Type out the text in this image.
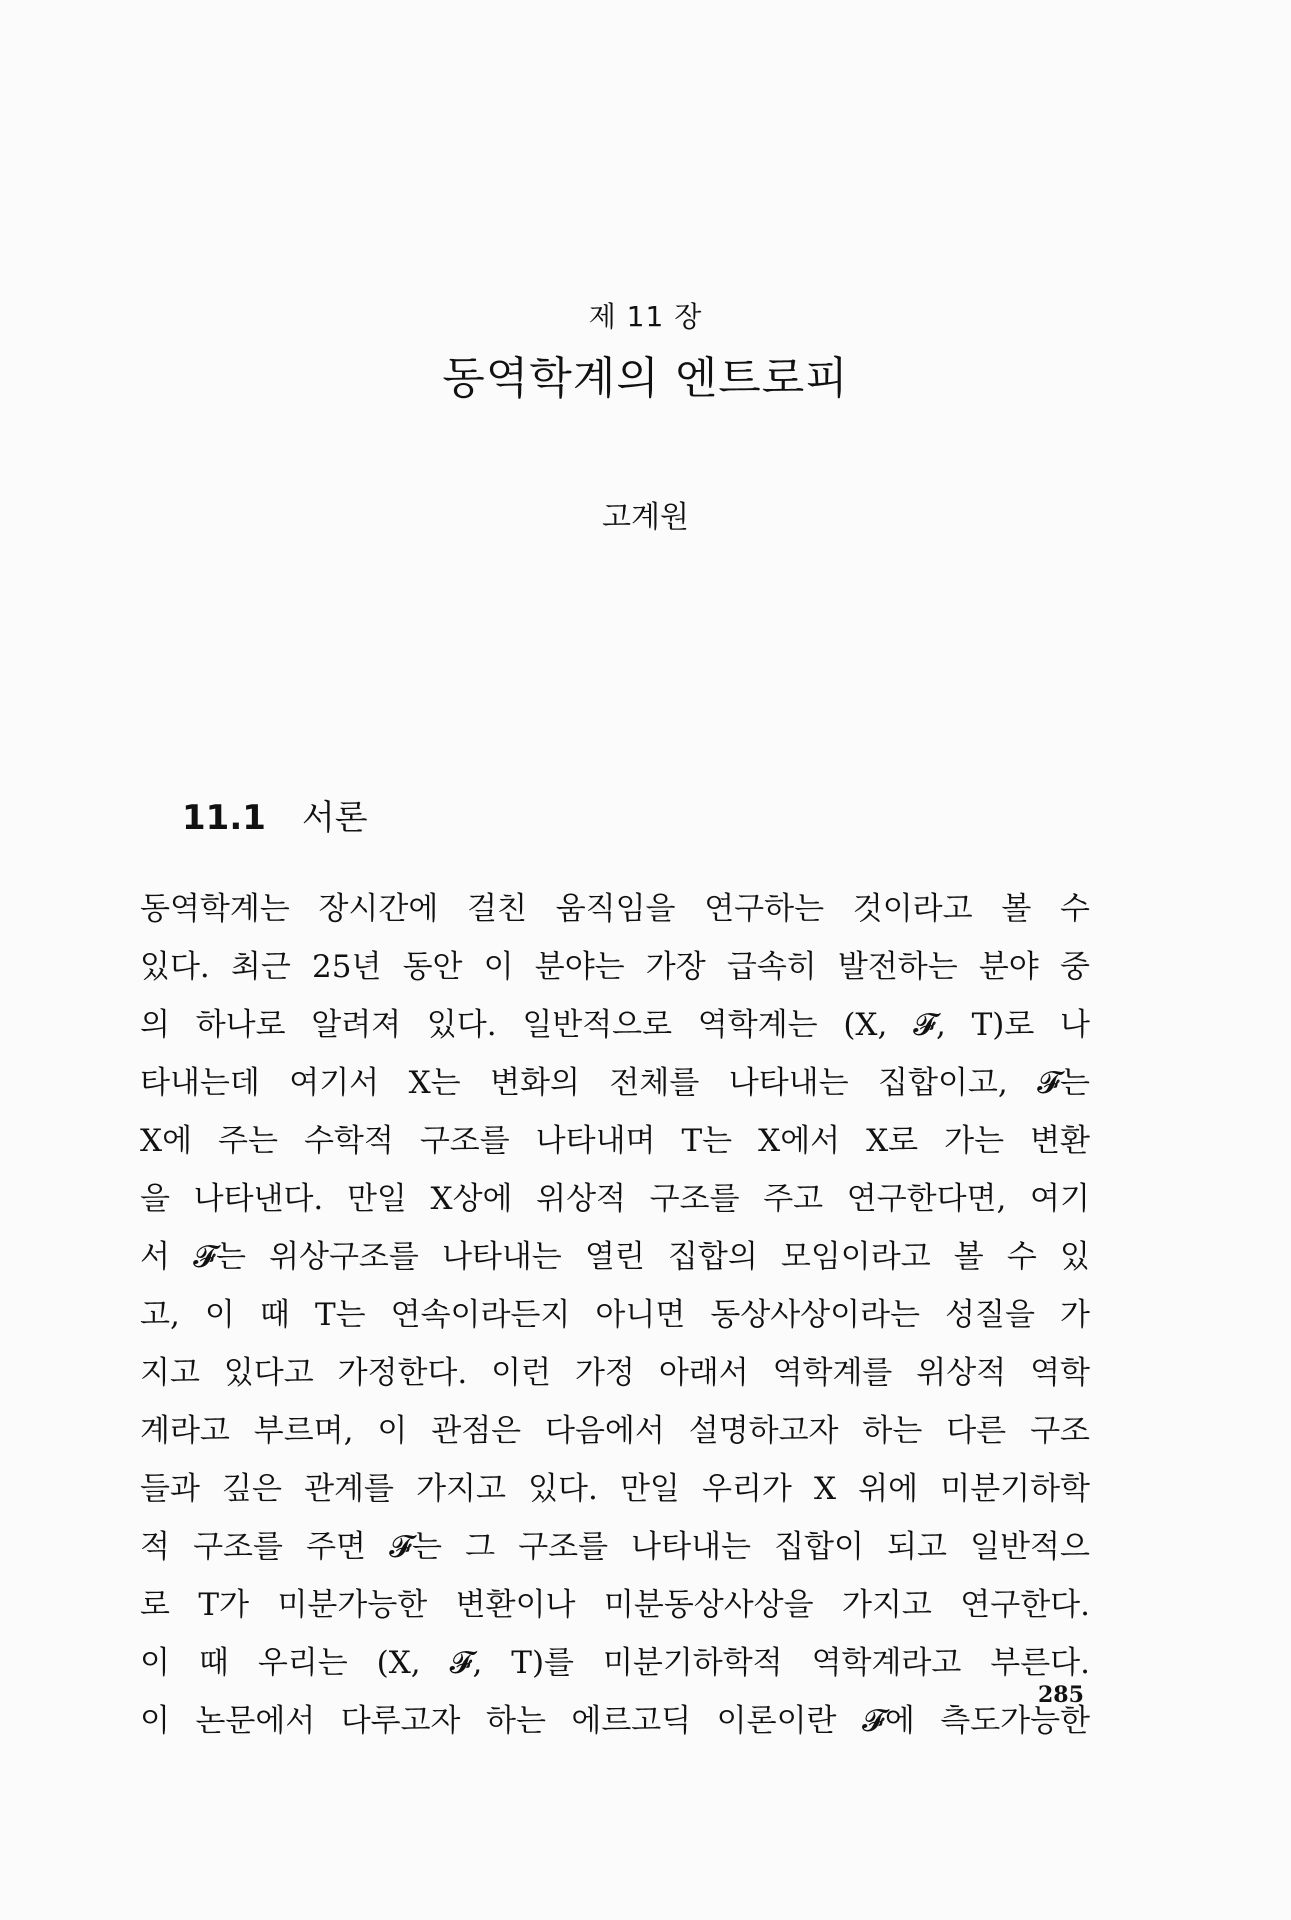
제 11 장
동역학계의 엔트로피
고계원
11.1 서론
동역학계는 장시간에 걸친 움직임을 연구하는 것이라고 볼 수
있다. 최근 25년 동안 이 분야는 가장 급속히 발전하는 분야 중
의 하나로 알려져 있다. 일반적으로 역학계는 (X, 𝓕, T)로 나
타내는데 여기서 X는 변화의 전체를 나타내는 집합이고, 𝓕는
X에 주는 수학적 구조를 나타내며 T는 X에서 X로 가는 변환
을 나타낸다. 만일 X상에 위상적 구조를 주고 연구한다면, 여기
서 𝓕는 위상구조를 나타내는 열린 집합의 모임이라고 볼 수 있
고, 이 때 T는 연속이라든지 아니면 동상사상이라는 성질을 가
지고 있다고 가정한다. 이런 가정 아래서 역학계를 위상적 역학
계라고 부르며, 이 관점은 다음에서 설명하고자 하는 다른 구조
들과 깊은 관계를 가지고 있다. 만일 우리가 X 위에 미분기하학
적 구조를 주면 𝓕는 그 구조를 나타내는 집합이 되고 일반적으
로 T가 미분가능한 변환이나 미분동상사상을 가지고 연구한다.
이 때 우리는 (X, 𝓕, T)를 미분기하학적 역학계라고 부른다.
이 논문에서 다루고자 하는 에르고딕 이론이란 𝓕에 측도가능한
285
